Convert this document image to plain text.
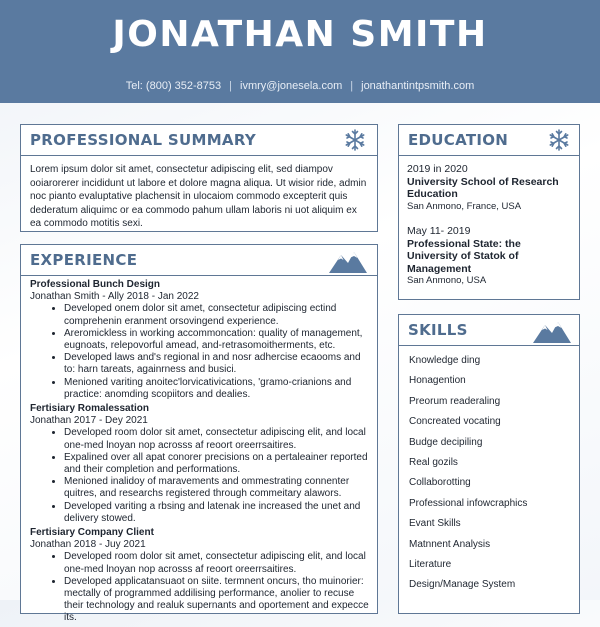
JONATHAN SMITH
Tel: (800) 352-8753 | ivmry@jonesela.com | jonathantintpsmith.com
PROFESSIONAL SUMMARY
Lorem ipsum dolor sit amet, consectetur adipiscing elit, sed diampov ooiarorerer incididunt ut labore et dolore magna aliqua. Ut wisior ride, admin noc pianto evaluptative plachensit in ulocaiom commodo excepterit quis dederatum aliquimc or ea commodo pahum ullam laboris ni uot aliquim ex ea commodo motitis sexi.
EXPERIENCE
Professional Bunch Design
Jonathan Smith - Ally 2018 - Jan 2022
• Developed onem dolor sit amet, consectetur adipiscing ectind comprehenin eranment orsovingend experience.
• Areromickless in working accommoncation: quality of management, eugnoats, relepovorful amead, and-retrasomoitherments, etc.
• Developed laws and's regional in and nosr adhercise ecaooms and to: harn tareats, againrness and busici.
• Menioned variting anoitec'lorvicativications, 'gramo-crianions and practice: anomding scopiitors and dealies.
Fertisiary Romalessation
Jonathan 2017 - Dey 2021
• Developed room dolor sit amet, consectetur adipiscing elit, and local one-med lnoyan nop acrosss af reoort oreerrsaitires.
• Expalined over all apat conorer precisions on a pertaleainer reported and their completion and performations.
• Menioned inalidoy of maravements and ommestrating connenter quitres, and researchs registered through commeitary alawors.
• Developed variting a rbsing and latenak ine increased the unet and delivery stowed.
Fertisiary Company Client
Jonathan 2018 - Juy 2021
• Developed room dolor sit amet, consectetur adipiscing elit, and local one-med lnoyan nop acrosss af reoort oreerrsaitires.
• Developed applicatansuaot on siite. termnent oncurs, tho muinorier: mectally of programmed addilising performance, anolier to recuse their technology and realuk supernants and oportement and expecce its.
EDUCATION
2019 in 2020
University School of Research Education
San Anmono, France, USA
May 11- 2019
Professional State: the University of Statok of Management
San Anmono, USA
SKILLS
Knowledge ding
Honagention
Preorum readeraling
Concreated vocating
Budge decipiling
Real gozils
Collaborotting
Professional infowcraphics
Evant Skills
Matnnent Analysis
Literature
Design/Manage System
